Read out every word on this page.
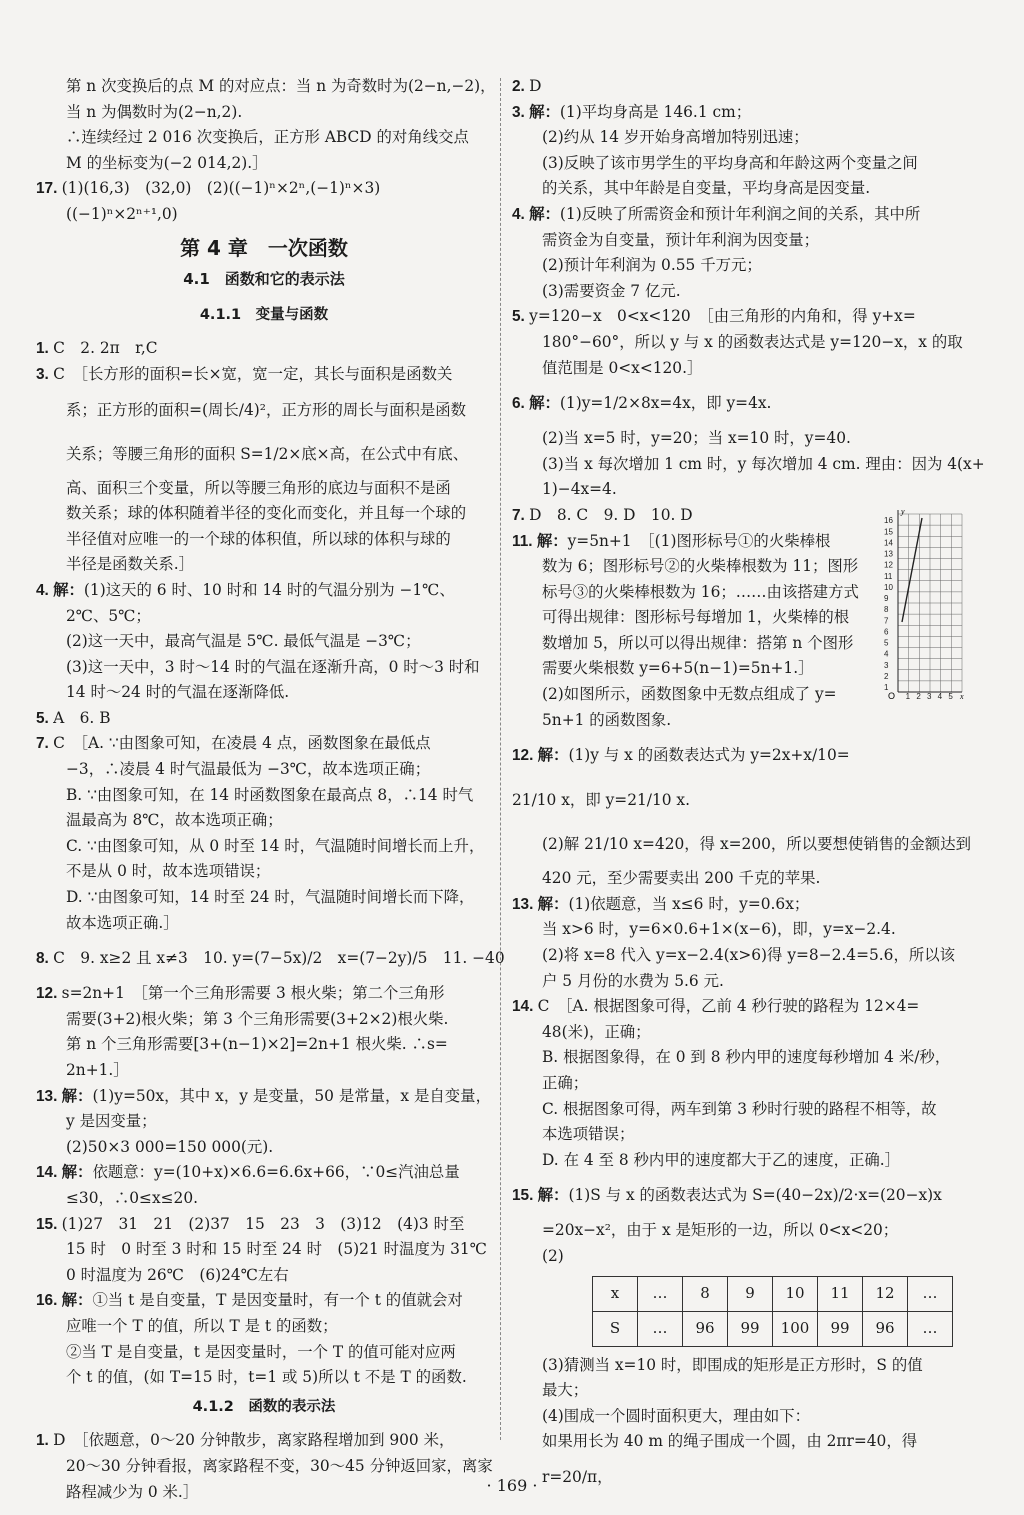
第 n 次变换后的点 M 的对应点：当 n 为奇数时为(2−n,−2)，
当 n 为偶数时为(2−n,2).
∴连续经过 2 016 次变换后，正方形 ABCD 的对角线交点
M 的坐标变为(−2 014,2).］
17. (1)(16,3)　(32,0)　(2)((−1)ⁿ×2ⁿ,(−1)ⁿ×3)
((−1)ⁿ×2ⁿ⁺¹,0)
第 4 章　一次函数
4.1　函数和它的表示法
4.1.1　变量与函数
1. C　2. 2π　r,C
3. C　［长方形的面积=长×宽，宽一定，其长与面积是函数关
系；正方形的面积=(周长/4)²，正方形的周长与面积是函数
关系；等腰三角形的面积 S=1/2×底×高，在公式中有底、
高、面积三个变量，所以等腰三角形的底边与面积不是函
数关系；球的体积随着半径的变化而变化，并且每一个球的
半径值对应唯一的一个球的体积值，所以球的体积与球的
半径是函数关系.］
4. 解：(1)这天的 6 时、10 时和 14 时的气温分别为 −1℃、
2℃、5℃；
(2)这一天中，最高气温是 5℃. 最低气温是 −3℃；
(3)这一天中，3 时～14 时的气温在逐渐升高，0 时～3 时和
14 时～24 时的气温在逐渐降低.
5. A　6. B
7. C　［A. ∵由图象可知，在凌晨 4 点，函数图象在最低点
−3，∴凌晨 4 时气温最低为 −3℃，故本选项正确；
B. ∵由图象可知，在 14 时函数图象在最高点 8，∴14 时气
温最高为 8℃，故本选项正确；
C. ∵由图象可知，从 0 时至 14 时，气温随时间增长而上升，
不是从 0 时，故本选项错误；
D. ∵由图象可知，14 时至 24 时，气温随时间增长而下降，
故本选项正确.］
8. C　9. x≥2 且 x≠3　10. y=(7−5x)/2　x=(7−2y)/5　11. −40
12. s=2n+1　［第一个三角形需要 3 根火柴；第二个三角形
需要(3+2)根火柴；第 3 个三角形需要(3+2×2)根火柴.
第 n 个三角形需要[3+(n−1)×2]=2n+1 根火柴. ∴s=
2n+1.］
13. 解：(1)y=50x，其中 x，y 是变量，50 是常量，x 是自变量，
y 是因变量；
(2)50×3 000=150 000(元).
14. 解：依题意：y=(10+x)×6.6=6.6x+66，∵0≤汽油总量
≤30，∴0≤x≤20.
15. (1)27　31　21　(2)37　15　23　3　(3)12　(4)3 时至
15 时　0 时至 3 时和 15 时至 24 时　(5)21 时温度为 31℃
0 时温度为 26℃　(6)24℃左右
16. 解：①当 t 是自变量，T 是因变量时，有一个 t 的值就会对
应唯一个 T 的值，所以 T 是 t 的函数；
②当 T 是自变量，t 是因变量时，一个 T 的值可能对应两
个 t 的值，(如 T=15 时，t=1 或 5)所以 t 不是 T 的函数.
4.1.2　函数的表示法
1. D　［依题意，0～20 分钟散步，离家路程增加到 900 米，
20～30 分钟看报，离家路程不变，30～45 分钟返回家，离家
路程减少为 0 米.］
2. D
3. 解：(1)平均身高是 146.1 cm；
(2)约从 14 岁开始身高增加特别迅速；
(3)反映了该市男学生的平均身高和年龄这两个变量之间
的关系，其中年龄是自变量，平均身高是因变量.
4. 解：(1)反映了所需资金和预计年利润之间的关系，其中所
需资金为自变量，预计年利润为因变量；
(2)预计年利润为 0.55 千万元；
(3)需要资金 7 亿元.
5. y=120−x　0<x<120　［由三角形的内角和，得 y+x=
180°−60°，所以 y 与 x 的函数表达式是 y=120−x，x 的取
值范围是 0<x<120.］
6. 解：(1)y=1/2×8x=4x，即 y=4x.
(2)当 x=5 时，y=20；当 x=10 时，y=40.
(3)当 x 每次增加 1 cm 时，y 每次增加 4 cm. 理由：因为 4(x+
1)−4x=4.
7. D　8. C　9. D　10. D
11. 解：y=5n+1　［(1)图形标号①的火柴棒根
数为 6；图形标号②的火柴棒根数为 11；图形
标号③的火柴棒根数为 16；……由该搭建方式
可得出规律：图形标号每增加 1，火柴棒的根
数增加 5，所以可以得出规律：搭第 n 个图形
需要火柴根数 y=6+5(n−1)=5n+1.］
(2)如图所示，函数图象中无数点组成了 y=
5n+1 的函数图象.
12. 解：(1)y 与 x 的函数表达式为 y=2x+x/10=
21/10 x，即 y=21/10 x.
(2)解 21/10 x=420，得 x=200，所以要想使销售的金额达到
420 元，至少需要卖出 200 千克的苹果.
13. 解：(1)依题意，当 x≤6 时，y=0.6x；
当 x>6 时，y=6×0.6+1×(x−6)，即，y=x−2.4.
(2)将 x=8 代入 y=x−2.4(x>6)得 y=8−2.4=5.6，所以该
户 5 月份的水费为 5.6 元.
14. C　［A. 根据图象可得，乙前 4 秒行驶的路程为 12×4=
48(米)，正确；
B. 根据图象得，在 0 到 8 秒内甲的速度每秒增加 4 米/秒，
正确；
C. 根据图象可得，两车到第 3 秒时行驶的路程不相等，故
本选项错误；
D. 在 4 至 8 秒内甲的速度都大于乙的速度，正确.］
15. 解：(1)S 与 x 的函数表达式为 S=(40−2x)/2·x=(20−x)x
=20x−x²，由于 x 是矩形的一边，所以 0<x<20；
(2)
x	…	8	9	10	11	12	…
S	…	96	99	100	99	96	…
(3)猜测当 x=10 时，即围成的矩形是正方形时，S 的值
最大；
(4)围成一个圆时面积更大，理由如下：
如果用长为 40 m 的绳子围成一个圆，由 2πr=40，得
r=20/π，
16
15
14
13
12
11
10
9
8
7
6
5
4
3
2
1
1 2 3 4 5
O	x
y
· 169 ·
